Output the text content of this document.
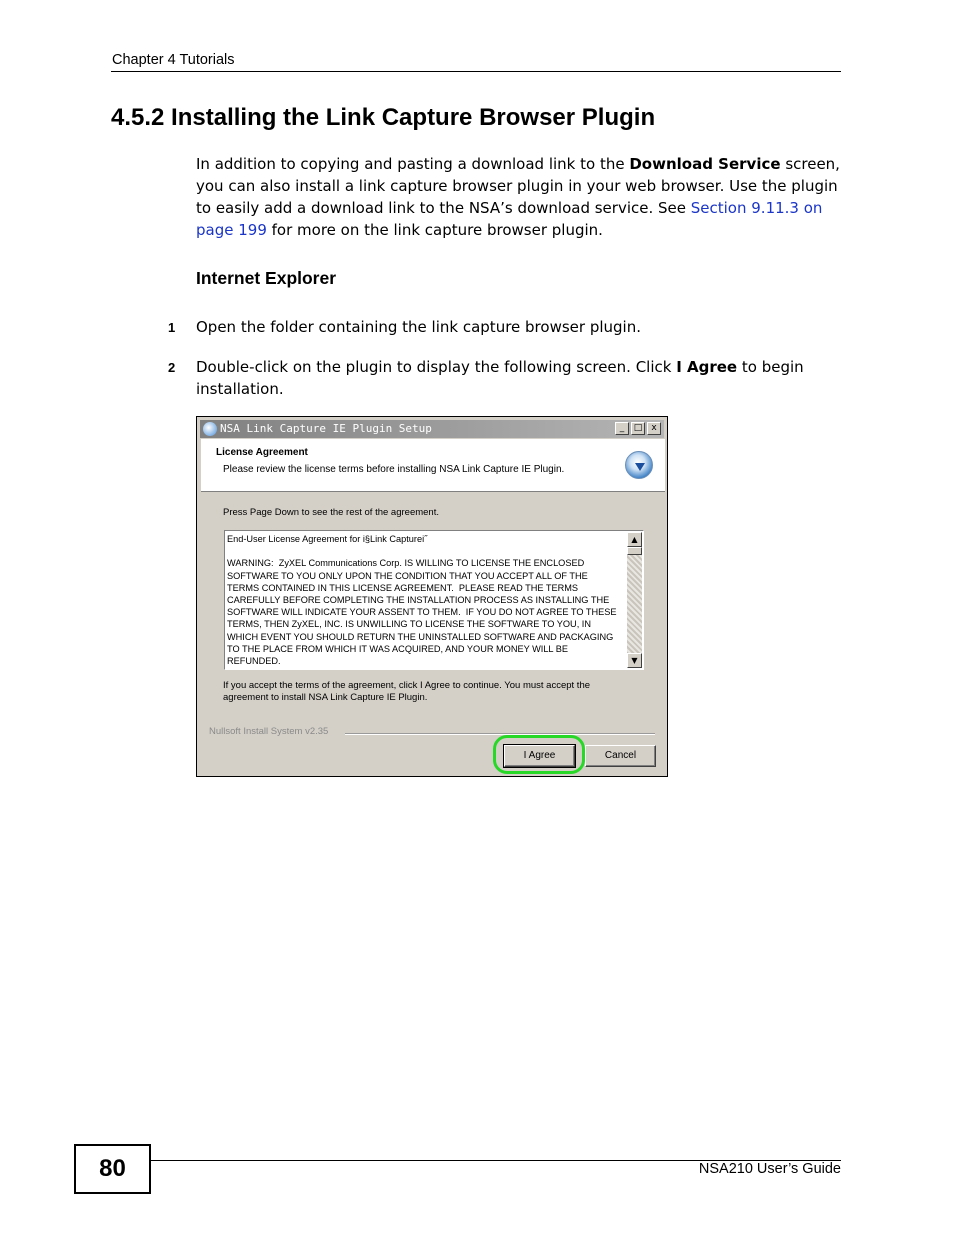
Chapter 4 Tutorials
4.5.2 Installing the Link Capture Browser Plugin
In addition to copying and pasting a download link to the Download Service screen, you can also install a link capture browser plugin in your web browser. Use the plugin to easily add a download link to the NSA’s download service. See Section 9.11.3 on page 199 for more on the link capture browser plugin.
Internet Explorer
1 Open the folder containing the link capture browser plugin.
2 Double-click on the plugin to display the following screen. Click I Agree to begin installation.
NSA Link Capture IE Plugin Setup	_	□	x
License Agreement
Please review the license terms before installing NSA Link Capture IE Plugin.
Press Page Down to see the rest of the agreement.
End-User License Agreement for i§Link Capturei˝

WARNING:  ZyXEL Communications Corp. IS WILLING TO LICENSE THE ENCLOSED
SOFTWARE TO YOU ONLY UPON THE CONDITION THAT YOU ACCEPT ALL OF THE
TERMS CONTAINED IN THIS LICENSE AGREEMENT.  PLEASE READ THE TERMS
CAREFULLY BEFORE COMPLETING THE INSTALLATION PROCESS AS INSTALLING THE
SOFTWARE WILL INDICATE YOUR ASSENT TO THEM.  IF YOU DO NOT AGREE TO THESE
TERMS, THEN ZyXEL, INC. IS UNWILLING TO LICENSE THE SOFTWARE TO YOU, IN
WHICH EVENT YOU SHOULD RETURN THE UNINSTALLED SOFTWARE AND PACKAGING
TO THE PLACE FROM WHICH IT WAS ACQUIRED, AND YOUR MONEY WILL BE
REFUNDED.
▲
▼
If you accept the terms of the agreement, click I Agree to continue. You must accept the
agreement to install NSA Link Capture IE Plugin.
Nullsoft Install System v2.35
I Agree	Cancel
80	NSA210 User’s Guide
